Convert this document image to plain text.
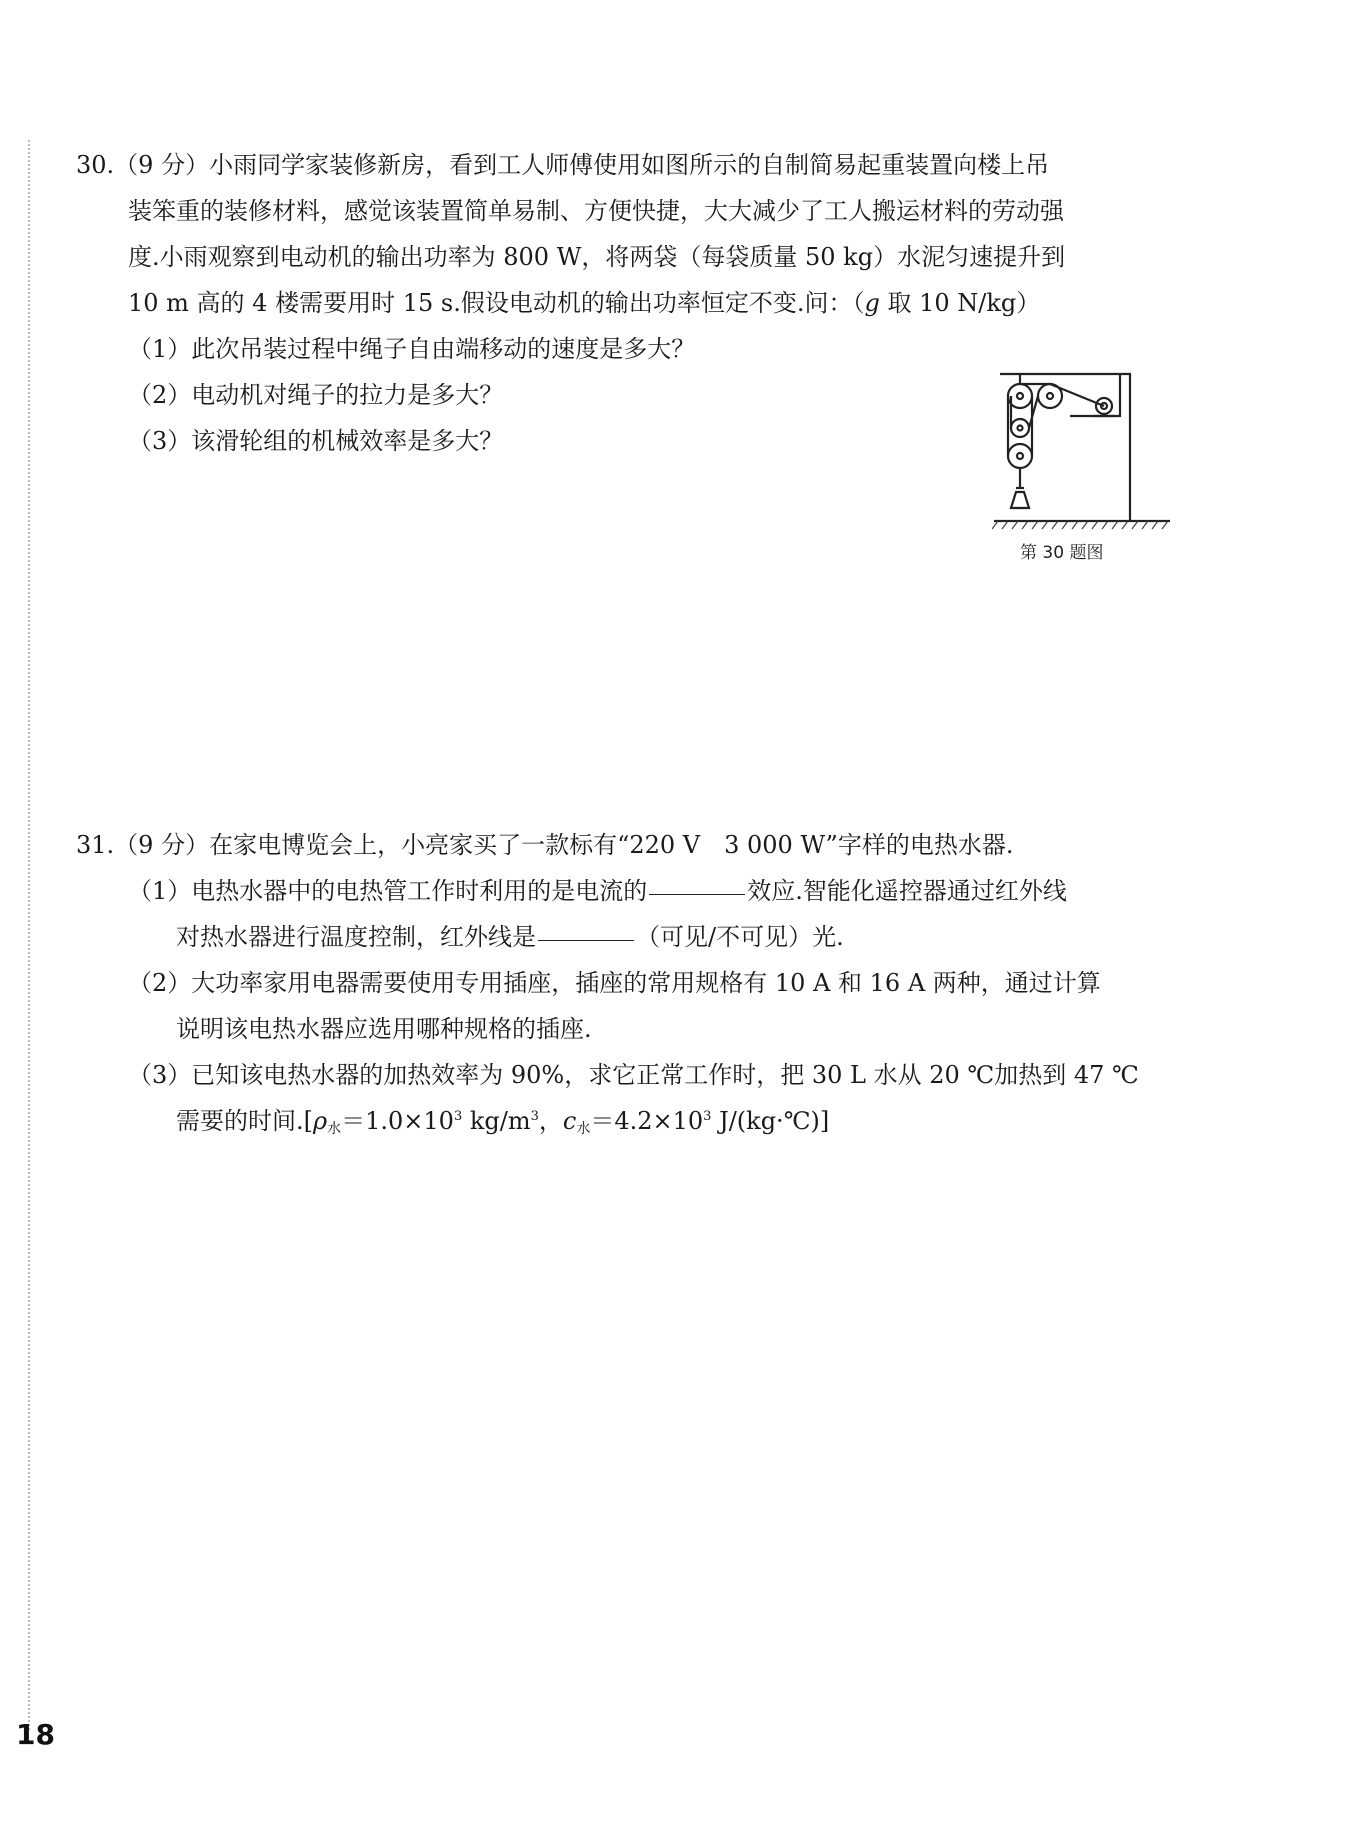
30.（9 分）小雨同学家装修新房，看到工人师傅使用如图所示的自制简易起重装置向楼上吊
装笨重的装修材料，感觉该装置简单易制、方便快捷，大大减少了工人搬运材料的劳动强
度.小雨观察到电动机的输出功率为 800 W，将两袋（每袋质量 50 kg）水泥匀速提升到
10 m 高的 4 楼需要用时 15 s.假设电动机的输出功率恒定不变.问：（g 取 10 N/kg）
（1）此次吊装过程中绳子自由端移动的速度是多大？
（2）电动机对绳子的拉力是多大？
（3）该滑轮组的机械效率是多大？
第 30 题图
31.（9 分）在家电博览会上，小亮家买了一款标有“220 V　3 000 W”字样的电热水器.
（1）电热水器中的电热管工作时利用的是电流的	效应.智能化遥控器通过红外线
对热水器进行温度控制，红外线是	（可见/不可见）光.
（2）大功率家用电器需要使用专用插座，插座的常用规格有 10 A 和 16 A 两种，通过计算
说明该电热水器应选用哪种规格的插座.
（3）已知该电热水器的加热效率为 90%，求它正常工作时，把 30 L 水从 20 ℃加热到 47 ℃
需要的时间$.[\rho_水=1.0\times 10^3$ $kg/m^3$，$c_水=4.2\times 10^3$ J/(kg·℃)]
18
